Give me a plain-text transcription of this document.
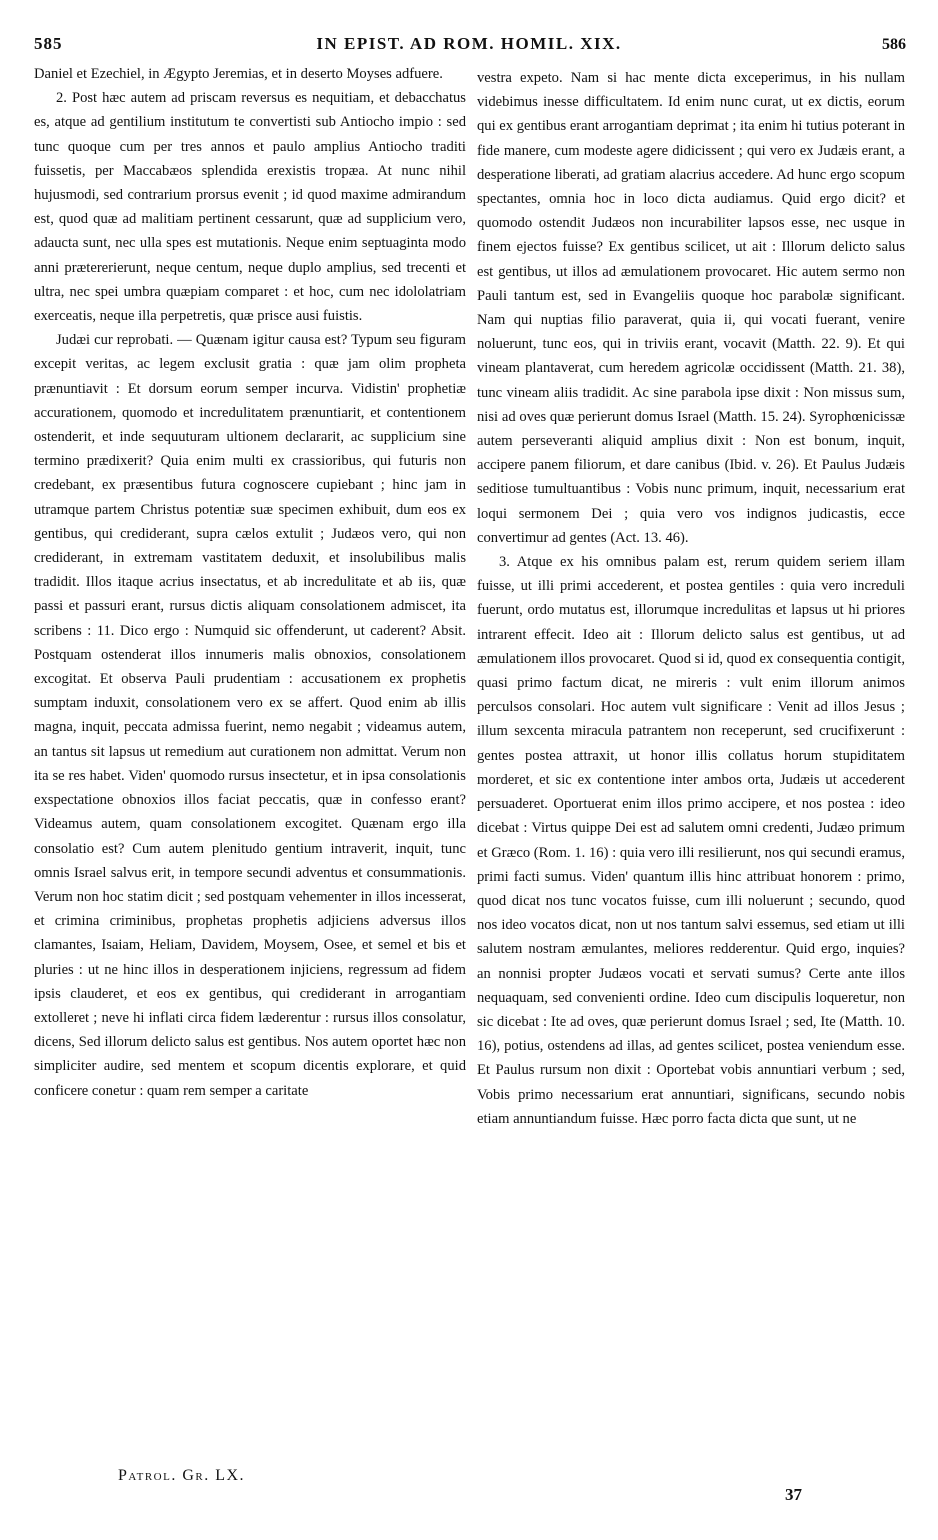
585	IN EPIST. AD ROM. HOMIL. XIX.	586

Daniel et Ezechiel, in Ægypto Jeremias, et in deserto Moyses adfuere.

2. Post hæc autem ad priscam reversus es nequitiam, et debacchatus es, atque ad gentilium institutum te convertisti sub Antiocho impio : sed tunc quoque cum per tres annos et paulo amplius Antiocho traditi fuissetis, per Maccabæos splendida erexistis tropæa. At nunc nihil hujusmodi, sed contrarium prorsus evenit ; id quod maxime admirandum est, quod quæ ad malitiam pertinent cessarunt, quæ ad supplicium vero, adaucta sunt, nec ulla spes est mutationis. Neque enim septuaginta modo anni prætererierunt, neque centum, neque duplo amplius, sed trecenti et ultra, nec spei umbra quæpiam comparet : et hoc, cum nec idololatriam exerceatis, neque illa perpetretis, quæ prisce ausi fuistis.

Judæi cur reprobati. — Quænam igitur causa est? Typum seu figuram excepit veritas, ac legem exclusit gratia : quæ jam olim propheta prænuntiavit : Et dorsum eorum semper incurva. Vidistin' prophetiæ accurationem, quomodo et incredulitatem prænuntiarit, et contentionem ostenderit, et inde sequuturam ultionem declararit, ac supplicium sine termino prædixerit? Quia enim multi ex crassioribus, qui futuris non credebant, ex præsentibus futura cognoscere cupiebant ; hinc jam in utramque partem Christus potentiæ suæ specimen exhibuit, dum eos ex gentibus, qui crediderant, supra cælos extulit ; Judæos vero, qui non crediderant, in extremam vastitatem deduxit, et insolubilibus malis tradidit. Illos itaque acrius insectatus, et ab incredulitate et ab iis, quæ passi et passuri erant, rursus dictis aliquam consolationem admiscet, ita scribens : 11. Dico ergo : Numquid sic offenderunt, ut caderent? Absit. Postquam ostenderat illos innumeris malis obnoxios, consolationem excogitat. Et observa Pauli prudentiam : accusationem ex prophetis sumptam induxit, consolationem vero ex se affert. Quod enim ab illis magna, inquit, peccata admissa fuerint, nemo negabit ; videamus autem, an tantus sit lapsus ut remedium aut curationem non admittat. Verum non ita se res habet. Viden' quomodo rursus insectetur, et in ipsa consolationis exspectatione obnoxios illos faciat peccatis, quæ in confesso erant? Videamus autem, quam consolationem excogitet. Quænam ergo illa consolatio est? Cum autem plenitudo gentium intraverit, inquit, tunc omnis Israel salvus erit, in tempore secundi adventus et consummationis. Verum non hoc statim dicit ; sed postquam vehementer in illos incesserat, et crimina criminibus, prophetas prophetis adjiciens adversus illos clamantes, Isaiam, Heliam, Davidem, Moysem, Osee, et semel et bis et pluries : ut ne hinc illos in desperationem injiciens, regressum ad fidem ipsis clauderet, et eos ex gentibus, qui crediderant in arrogantiam extolleret ; neve hi inflati circa fidem læderentur : rursus illos consolatur, dicens, Sed illorum delicto salus est gentibus. Nos autem oportet hæc non simpliciter audire, sed mentem et scopum dicentis explorare, et quid conficere conetur : quam rem semper a caritate

vestra expeto. Nam si hac mente dicta exceperimus, in his nullam videbimus inesse difficultatem. Id enim nunc curat, ut ex dictis, eorum qui ex gentibus erant arrogantiam deprimat ; ita enim hi tutius poterant in fide manere, cum modeste agere didicissent ; qui vero ex Judæis erant, a desperatione liberati, ad gratiam alacrius accedere. Ad hunc ergo scopum spectantes, omnia hoc in loco dicta audiamus. Quid ergo dicit? et quomodo ostendit Judæos non incurabiliter lapsos esse, nec usque in finem ejectos fuisse? Ex gentibus scilicet, ut ait : Illorum delicto salus est gentibus, ut illos ad æmulationem provocaret. Hic autem sermo non Pauli tantum est, sed in Evangeliis quoque hoc parabolæ significant. Nam qui nuptias filio paraverat, quia ii, qui vocati fuerant, venire noluerunt, tunc eos, qui in triviis erant, vocavit (Matth. 22. 9). Et qui vineam plantaverat, cum heredem agricolæ occidissent (Matth. 21. 38), tunc vineam aliis tradidit. Ac sine parabola ipse dixit : Non missus sum, nisi ad oves quæ perierunt domus Israel (Matth. 15. 24). Syrophœnicissæ autem perseveranti aliquid amplius dixit : Non est bonum, inquit, accipere panem filiorum, et dare canibus (Ibid. v. 26). Et Paulus Judæis seditiose tumultuantibus : Vobis nunc primum, inquit, necessarium erat loqui sermonem Dei ; quia vero vos indignos judicastis, ecce convertimur ad gentes (Act. 13. 46).

3. Atque ex his omnibus palam est, rerum quidem seriem illam fuisse, ut illi primi accederent, et postea gentiles : quia vero increduli fuerunt, ordo mutatus est, illorumque incredulitas et lapsus ut hi priores intrarent effecit. Ideo ait : Illorum delicto salus est gentibus, ut ad æmulationem illos provocaret. Quod si id, quod ex consequentia contigit, quasi primo factum dicat, ne mireris : vult enim illorum animos perculsos consolari. Hoc autem vult significare : Venit ad illos Jesus ; illum sexcenta miracula patrantem non receperunt, sed crucifixerunt : gentes postea attraxit, ut honor illis collatus horum stupiditatem morderet, et sic ex contentione inter ambos orta, Judæis ut accederent persuaderet. Oportuerat enim illos primo accipere, et nos postea : ideo dicebat : Virtus quippe Dei est ad salutem omni credenti, Judæo primum et Græco (Rom. 1. 16) : quia vero illi resilierunt, nos qui secundi eramus, primi facti sumus. Viden' quantum illis hinc attribuat honorem : primo, quod dicat nos tunc vocatos fuisse, cum illi noluerunt ; secundo, quod nos ideo vocatos dicat, non ut nos tantum salvi essemus, sed etiam ut illi salutem nostram æmulantes, meliores redderentur. Quid ergo, inquies? an nonnisi propter Judæos vocati et servati sumus? Certe ante illos nequaquam, sed convenienti ordine. Ideo cum discipulis loqueretur, non sic dicebat : Ite ad oves, quæ perierunt domus Israel ; sed, Ite (Matth. 10. 16), potius, ostendens ad illas, ad gentes scilicet, postea veniendum esse. Et Paulus rursum non dixit : Oportebat vobis annuntiari verbum ; sed, Vobis primo necessarium erat annuntiari, significans, secundo nobis etiam annuntiandum fuisse. Hæc porro facta dicta que sunt, ut ne

Patrol. Gr. LX.
37
